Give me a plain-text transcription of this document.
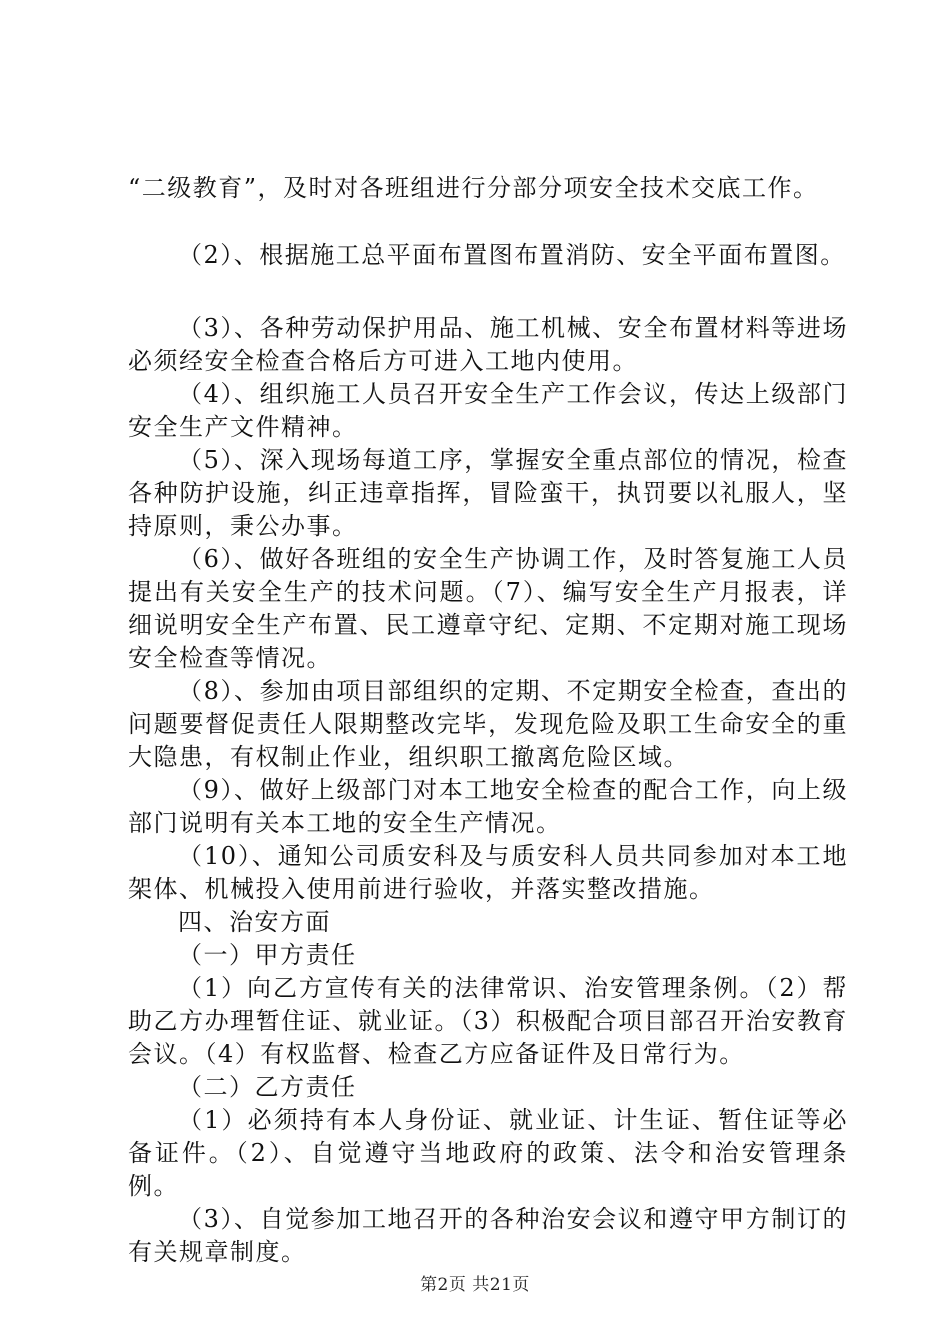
“二级教育”，及时对各班组进行分部分项安全技术交底工作。

（2）、根据施工总平面布置图布置消防、安全平面布置图。

（3）、各种劳动保护用品、施工机械、安全布置材料等进场必须经安全检查合格后方可进入工地内使用。

（4）、组织施工人员召开安全生产工作会议，传达上级部门安全生产文件精神。

（5）、深入现场每道工序，掌握安全重点部位的情况，检查各种防护设施，纠正违章指挥，冒险蛮干，执罚要以礼服人，坚持原则，秉公办事。

（6）、做好各班组的安全生产协调工作，及时答复施工人员提出有关安全生产的技术问题。（7）、编写安全生产月报表，详细说明安全生产布置、民工遵章守纪、定期、不定期对施工现场安全检查等情况。

（8）、参加由项目部组织的定期、不定期安全检查，查出的问题要督促责任人限期整改完毕，发现危险及职工生命安全的重大隐患，有权制止作业，组织职工撤离危险区域。

（9）、做好上级部门对本工地安全检查的配合工作，向上级部门说明有关本工地的安全生产情况。

（10）、通知公司质安科及与质安科人员共同参加对本工地架体、机械投入使用前进行验收，并落实整改措施。

四、治安方面

（一）甲方责任

（1）向乙方宣传有关的法律常识、治安管理条例。（2）帮助乙方办理暂住证、就业证。（3）积极配合项目部召开治安教育会议。（4）有权监督、检查乙方应备证件及日常行为。

（二）乙方责任

（1）必须持有本人身份证、就业证、计生证、暂住证等必备证件。（2）、自觉遵守当地政府的政策、法令和治安管理条例。

（3）、自觉参加工地召开的各种治安会议和遵守甲方制订的有关规章制度。

第2页 共21页
